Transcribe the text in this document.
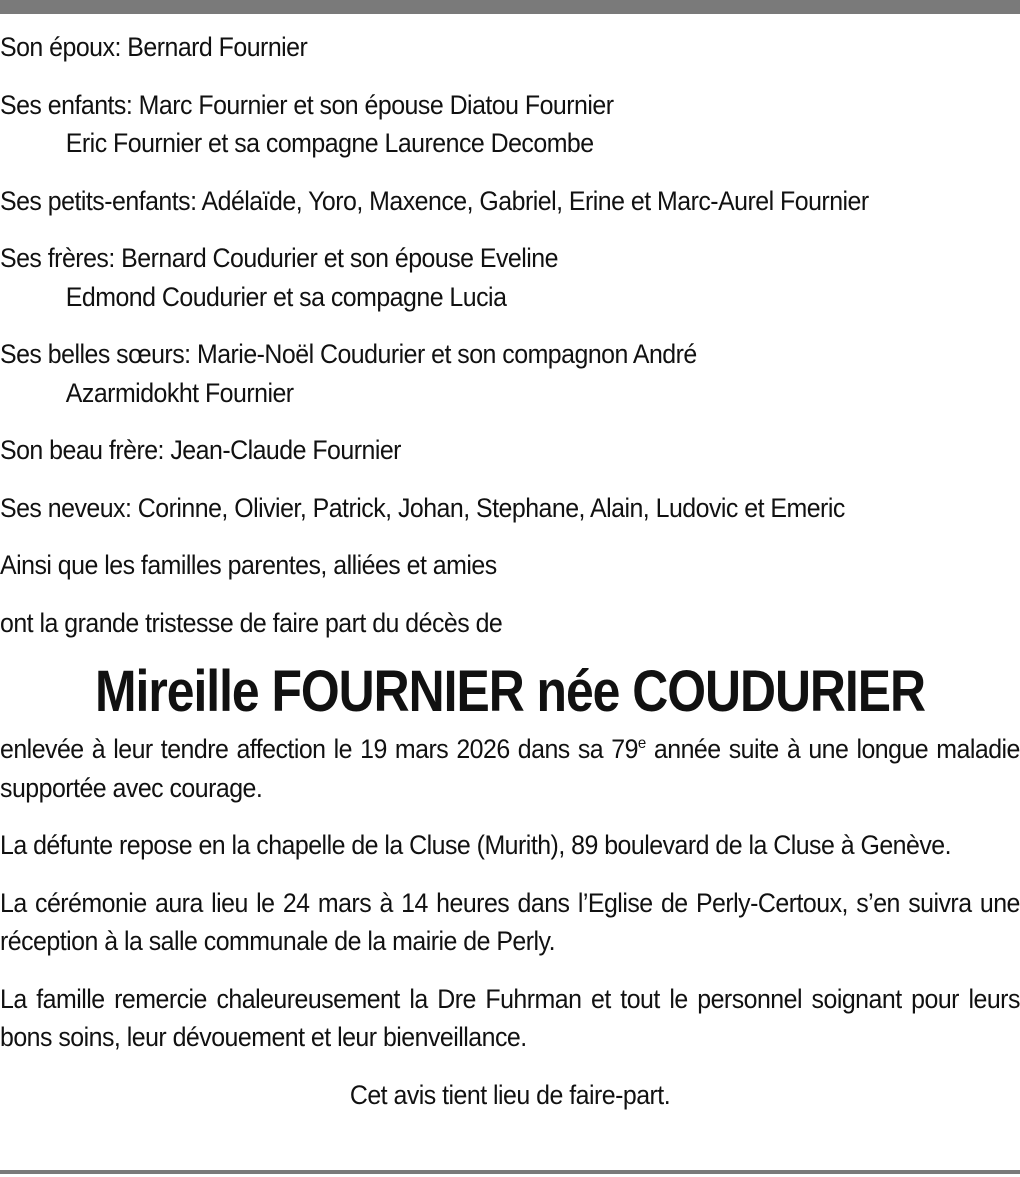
Son époux: Bernard Fournier
Ses enfants: Marc Fournier et son épouse Diatou Fournier
Eric Fournier et sa compagne Laurence Decombe
Ses petits-enfants: Adélaïde, Yoro, Maxence, Gabriel, Erine et Marc-Aurel Fournier
Ses frères: Bernard Coudurier et son épouse Eveline
Edmond Coudurier et sa compagne Lucia
Ses belles sœurs: Marie-Noël Coudurier et son compagnon André
Azarmidokht Fournier
Son beau frère: Jean-Claude Fournier
Ses neveux: Corinne, Olivier, Patrick, Johan, Stephane, Alain, Ludovic et Emeric
Ainsi que les familles parentes, alliées et amies
ont la grande tristesse de faire part du décès de
Mireille FOURNIER née COUDURIER
enlevée à leur tendre affection le 19 mars 2026 dans sa 79e année suite à une longue maladie supportée avec courage.
La défunte repose en la chapelle de la Cluse (Murith), 89 boulevard de la Cluse à Genève.
La cérémonie aura lieu le 24 mars à 14 heures dans l’Eglise de Perly-Certoux, s’en suivra une réception à la salle communale de la mairie de Perly.
La famille remercie chaleureusement la Dre Fuhrman et tout le personnel soignant pour leurs bons soins, leur dévouement et leur bienveillance.
Cet avis tient lieu de faire-part.
